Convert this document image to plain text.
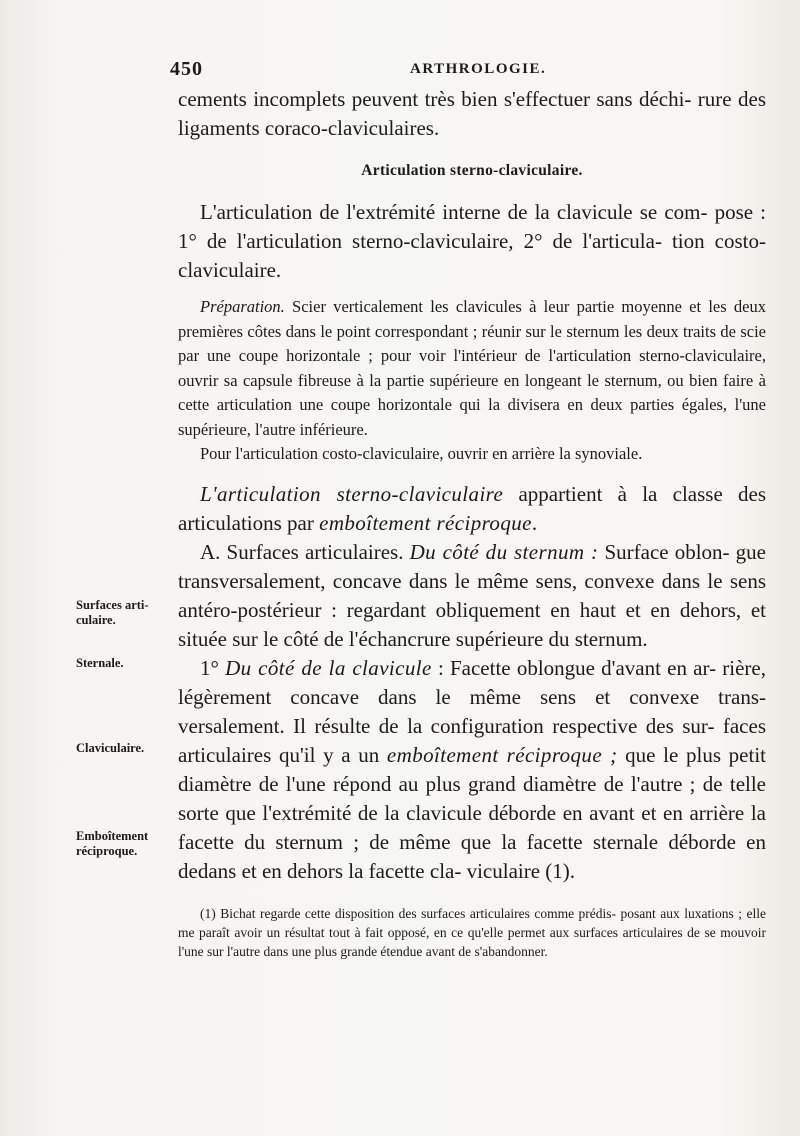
450	ARTHROLOGIE.
Surfaces arti- culaire.
Sternale.
Claviculaire.
Emboîtement réciproque.

cements incomplets peuvent très bien s'effectuer sans déchi- rure des ligaments coraco-claviculaires.

Articulation sterno-claviculaire.

L'articulation de l'extrémité interne de la clavicule se com- pose : 1° de l'articulation sterno-claviculaire, 2° de l'articula- tion costo-claviculaire.

Préparation. Scier verticalement les clavicules à leur partie moyenne et les deux premières côtes dans le point correspondant ; réunir sur le sternum les deux traits de scie par une coupe horizontale ; pour voir l'intérieur de l'articulation sterno-claviculaire, ouvrir sa capsule fibreuse à la partie supérieure en longeant le sternum, ou bien faire à cette articulation une coupe horizontale qui la divisera en deux parties égales, l'une supérieure, l'autre inférieure.

Pour l'articulation costo-claviculaire, ouvrir en arrière la synoviale.

L'articulation sterno-claviculaire appartient à la classe des articulations par emboîtement réciproque.

A. Surfaces articulaires. Du côté du sternum : Surface oblon- gue transversalement, concave dans le même sens, convexe dans le sens antéro-postérieur : regardant obliquement en haut et en dehors, et située sur le côté de l'échancrure supérieure du sternum.

1° Du côté de la clavicule : Facette oblongue d'avant en ar- rière, légèrement concave dans le même sens et convexe trans- versalement. Il résulte de la configuration respective des sur- faces articulaires qu'il y a un emboîtement réciproque ; que le plus petit diamètre de l'une répond au plus grand diamètre de l'autre ; de telle sorte que l'extrémité de la clavicule déborde en avant et en arrière la facette du sternum ; de même que la facette sternale déborde en dedans et en dehors la facette cla- viculaire (1).

(1) Bichat regarde cette disposition des surfaces articulaires comme prédis- posant aux luxations ; elle me paraît avoir un résultat tout à fait opposé, en ce qu'elle permet aux surfaces articulaires de se mouvoir l'une sur l'autre dans une plus grande étendue avant de s'abandonner.
